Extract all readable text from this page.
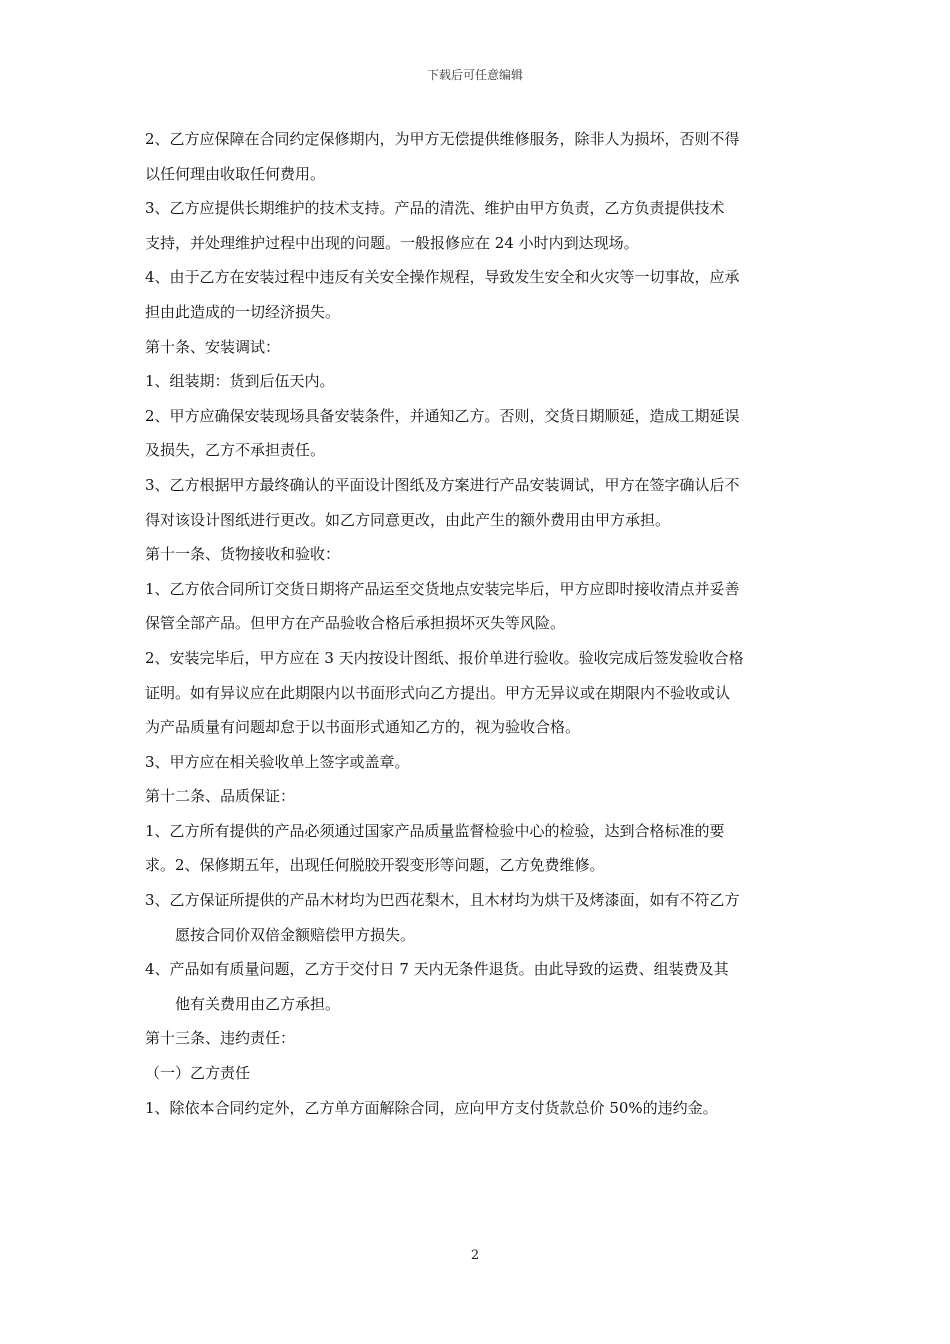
下载后可任意编辑
2、乙方应保障在合同约定保修期内，为甲方无偿提供维修服务，除非人为损坏，否则不得
以任何理由收取任何费用。
3、乙方应提供长期维护的技术支持。产品的清洗、维护由甲方负责，乙方负责提供技术
支持，并处理维护过程中出现的问题。一般报修应在 24 小时内到达现场。
4、由于乙方在安装过程中违反有关安全操作规程，导致发生安全和火灾等一切事故，应承
担由此造成的一切经济损失。
第十条、安装调试：
1、组装期：货到后伍天内。
2、甲方应确保安装现场具备安装条件，并通知乙方。否则，交货日期顺延，造成工期延误
及损失，乙方不承担责任。
3、乙方根据甲方最终确认的平面设计图纸及方案进行产品安装调试，甲方在签字确认后不
得对该设计图纸进行更改。如乙方同意更改，由此产生的额外费用由甲方承担。
第十一条、货物接收和验收：
1、乙方依合同所订交货日期将产品运至交货地点安装完毕后，甲方应即时接收清点并妥善
保管全部产品。但甲方在产品验收合格后承担损坏灭失等风险。
2、安装完毕后，甲方应在 3 天内按设计图纸、报价单进行验收。验收完成后签发验收合格
证明。如有异议应在此期限内以书面形式向乙方提出。甲方无异议或在期限内不验收或认
为产品质量有问题却怠于以书面形式通知乙方的，视为验收合格。
3、甲方应在相关验收单上签字或盖章。
第十二条、品质保证：
1、乙方所有提供的产品必须通过国家产品质量监督检验中心的检验，达到合格标准的要
求。2、保修期五年，出现任何脱胶开裂变形等问题，乙方免费维修。
3、乙方保证所提供的产品木材均为巴西花梨木，且木材均为烘干及烤漆面，如有不符乙方
愿按合同价双倍金额赔偿甲方损失。
4、产品如有质量问题，乙方于交付日 7 天内无条件退货。由此导致的运费、组装费及其
他有关费用由乙方承担。
第十三条、违约责任：
（一）乙方责任
1、除依本合同约定外，乙方单方面解除合同，应向甲方支付货款总价 50%的违约金。
2
